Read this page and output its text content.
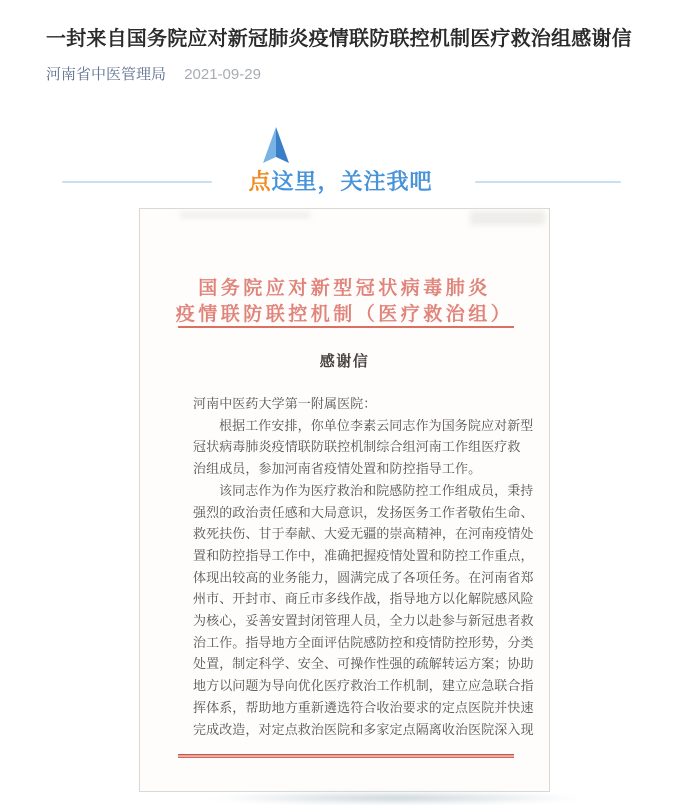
一封来自国务院应对新冠肺炎疫情联防联控机制医疗救治组感谢信
河南省中医管理局 2021-09-29
点这里，关注我吧
国务院应对新型冠状病毒肺炎
疫情联防联控机制（医疗救治组）
感谢信
河南中医药大学第一附属医院：
根据工作安排，你单位李素云同志作为国务院应对新型
冠状病毒肺炎疫情联防联控机制综合组河南工作组医疗救
治组成员，参加河南省疫情处置和防控指导工作。
该同志作为作为医疗救治和院感防控工作组成员，秉持
强烈的政治责任感和大局意识，发扬医务工作者敬佑生命、
救死扶伤、甘于奉献、大爱无疆的崇高精神，在河南疫情处
置和防控指导工作中，准确把握疫情处置和防控工作重点，
体现出较高的业务能力，圆满完成了各项任务。在河南省郑
州市、开封市、商丘市多线作战，指导地方以化解院感风险
为核心，妥善安置封闭管理人员，全力以赴参与新冠患者救
治工作。指导地方全面评估院感防控和疫情防控形势，分类
处置，制定科学、安全、可操作性强的疏解转运方案；协助
地方以问题为导向优化医疗救治工作机制，建立应急联合指
挥体系，帮助地方重新遴选符合收治要求的定点医院并快速
完成改造，对定点救治医院和多家定点隔离收治医院深入现
